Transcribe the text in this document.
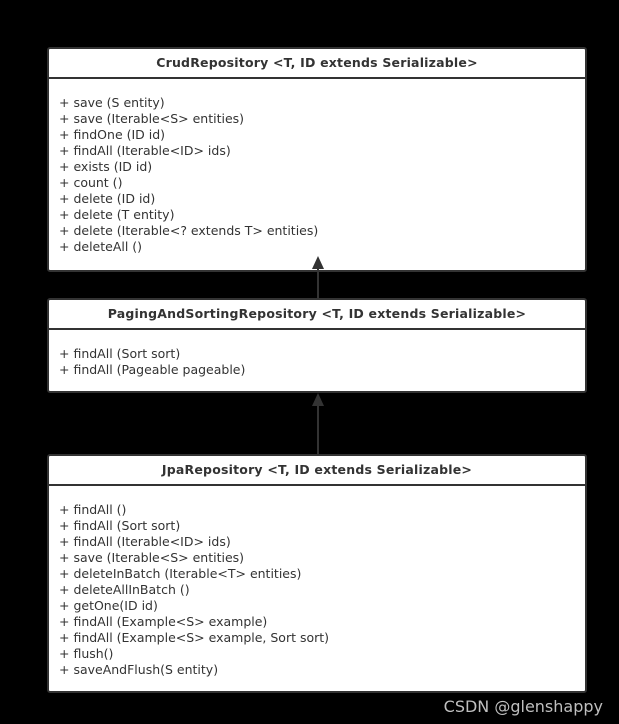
CrudRepository <T, ID extends Serializable>
+ save (S entity)
+ save (Iterable<S> entities)
+ findOne (ID id)
+ findAll (Iterable<ID> ids)
+ exists (ID id)
+ count ()
+ delete (ID id)
+ delete (T entity)
+ delete (Iterable<? extends T> entities)
+ deleteAll ()
PagingAndSortingRepository <T, ID extends Serializable>
+ findAll (Sort sort)
+ findAll (Pageable pageable)
JpaRepository <T, ID extends Serializable>
+ findAll ()
+ findAll (Sort sort)
+ findAll (Iterable<ID> ids)
+ save (Iterable<S> entities)
+ deleteInBatch (Iterable<T> entities)
+ deleteAllInBatch ()
+ getOne(ID id)
+ findAll (Example<S> example)
+ findAll (Example<S> example, Sort sort)
+ flush()
+ saveAndFlush(S entity)
CSDN @glenshappy
